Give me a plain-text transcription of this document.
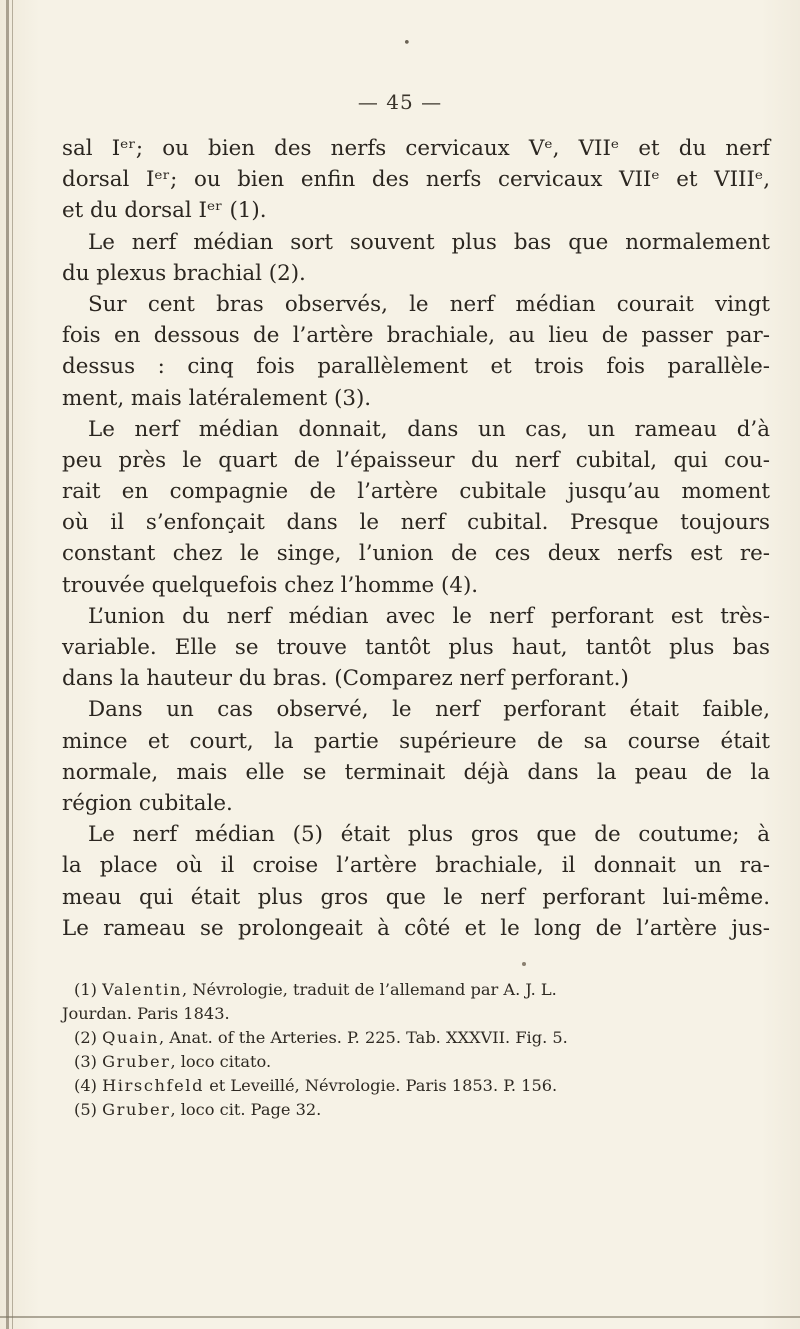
•
— 45 —
sal Iᵉʳ; ou bien des nerfs cervicaux Vᵉ, VIIᵉ et du nerf
dorsal Iᵉʳ; ou bien enfin des nerfs cervicaux VIIᵉ et VIIIᵉ,
et du dorsal Iᵉʳ (1).
Le nerf médian sort souvent plus bas que normalement
du plexus brachial (2).
Sur cent bras observés, le nerf médian courait vingt
fois en dessous de l’artère brachiale, au lieu de passer par-
dessus : cinq fois parallèlement et trois fois parallèle-
ment, mais latéralement (3).
Le nerf médian donnait, dans un cas, un rameau d’à
peu près le quart de l’épaisseur du nerf cubital, qui cou-
rait en compagnie de l’artère cubitale jusqu’au moment
où il s’enfonçait dans le nerf cubital. Presque toujours
constant chez le singe, l’union de ces deux nerfs est re-
trouvée quelquefois chez l’homme (4).
L’union du nerf médian avec le nerf perforant est très-
variable. Elle se trouve tantôt plus haut, tantôt plus bas
dans la hauteur du bras. (Comparez nerf perforant.)
Dans un cas observé, le nerf perforant était faible,
mince et court, la partie supérieure de sa course était
normale, mais elle se terminait déjà dans la peau de la
région cubitale.
Le nerf médian (5) était plus gros que de coutume; à
la place où il croise l’artère brachiale, il donnait un ra-
meau qui était plus gros que le nerf perforant lui-même.
Le rameau se prolongeait à côté et le long de l’artère jus-
(1) Valentin, Névrologie, traduit de l’allemand par A. J. L.
Jourdan. Paris 1843.
(2) Quain, Anat. of the Arteries. P. 225. Tab. XXXVII. Fig. 5.
(3) Gruber, loco citato.
(4) Hirschfeld et Leveillé, Névrologie. Paris 1853. P. 156.
(5) Gruber, loco cit. Page 32.
